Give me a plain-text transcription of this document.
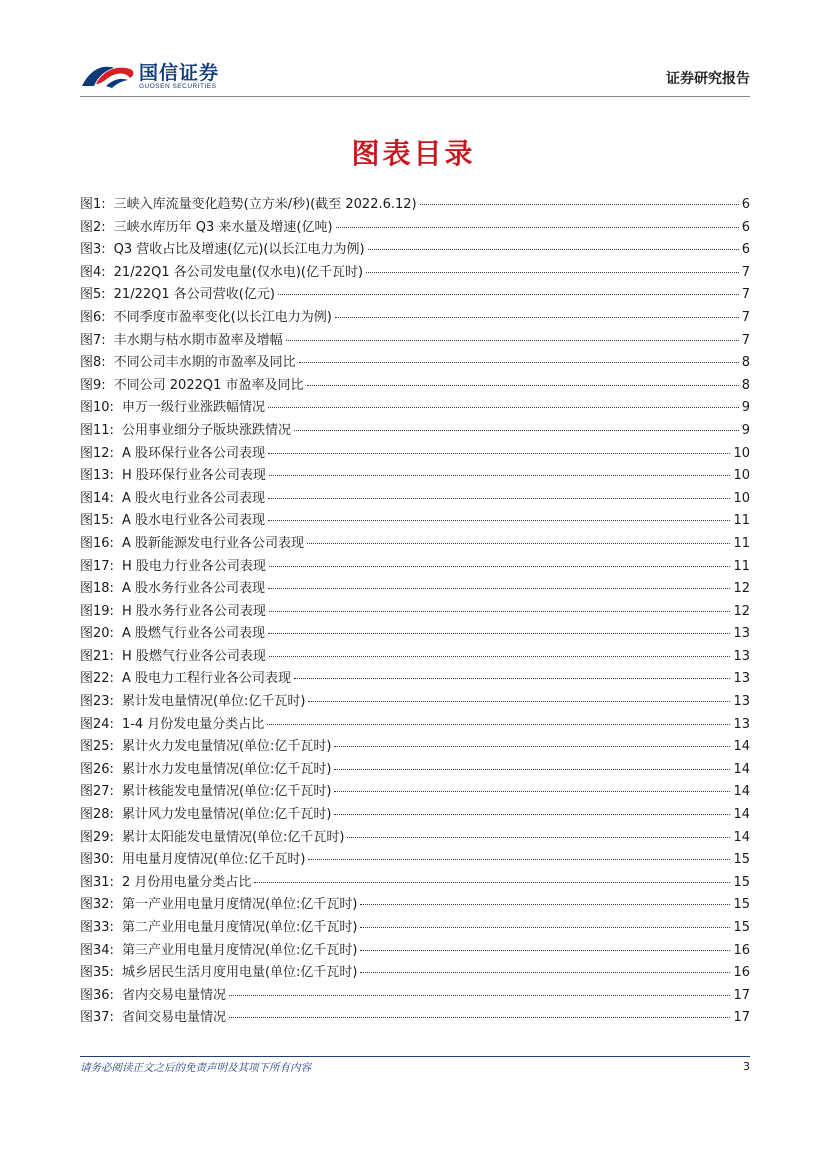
国信证券
GUOSEN SECURITIES	证券研究报告
图表目录
图1: 三峡入库流量变化趋势(立方米/秒)(截至 2022.6.12)	6
图2: 三峡水库历年 Q3 来水量及增速(亿吨)	6
图3: Q3 营收占比及增速(亿元)(以长江电力为例)	6
图4: 21/22Q1 各公司发电量(仅水电)(亿千瓦时)	7
图5: 21/22Q1 各公司营收(亿元)	7
图6: 不同季度市盈率变化(以长江电力为例)	7
图7: 丰水期与枯水期市盈率及增幅	7
图8: 不同公司丰水期的市盈率及同比	8
图9: 不同公司 2022Q1 市盈率及同比	8
图10: 申万一级行业涨跌幅情况	9
图11: 公用事业细分子版块涨跌情况	9
图12: A 股环保行业各公司表现	10
图13: H 股环保行业各公司表现	10
图14: A 股火电行业各公司表现	10
图15: A 股水电行业各公司表现	11
图16: A 股新能源发电行业各公司表现	11
图17: H 股电力行业各公司表现	11
图18: A 股水务行业各公司表现	12
图19: H 股水务行业各公司表现	12
图20: A 股燃气行业各公司表现	13
图21: H 股燃气行业各公司表现	13
图22: A 股电力工程行业各公司表现	13
图23: 累计发电量情况(单位:亿千瓦时)	13
图24: 1-4 月份发电量分类占比	13
图25: 累计火力发电量情况(单位:亿千瓦时)	14
图26: 累计水力发电量情况(单位:亿千瓦时)	14
图27: 累计核能发电量情况(单位:亿千瓦时)	14
图28: 累计风力发电量情况(单位:亿千瓦时)	14
图29: 累计太阳能发电量情况(单位:亿千瓦时)	14
图30: 用电量月度情况(单位:亿千瓦时)	15
图31: 2 月份用电量分类占比	15
图32: 第一产业用电量月度情况(单位:亿千瓦时)	15
图33: 第二产业用电量月度情况(单位:亿千瓦时)	15
图34: 第三产业用电量月度情况(单位:亿千瓦时)	16
图35: 城乡居民生活月度用电量(单位:亿千瓦时)	16
图36: 省内交易电量情况	17
图37: 省间交易电量情况	17
请务必阅读正文之后的免责声明及其项下所有内容	3
